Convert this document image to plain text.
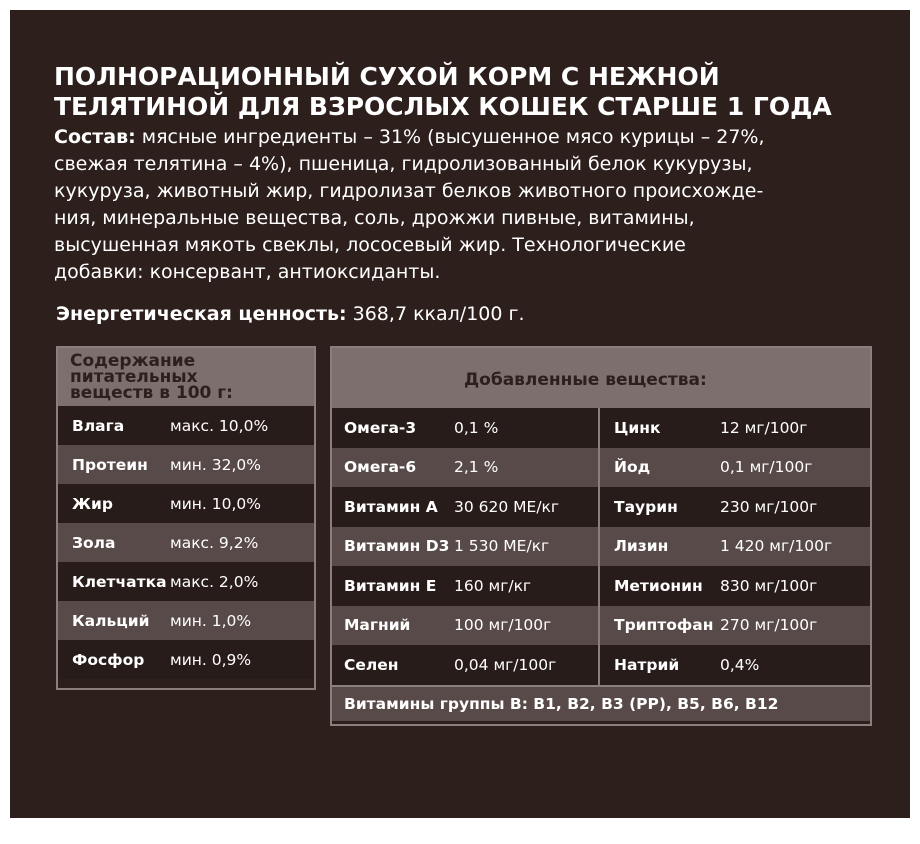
ПОЛНОРАЦИОННЫЙ СУХОЙ КОРМ С НЕЖНОЙ
ТЕЛЯТИНОЙ ДЛЯ ВЗРОСЛЫХ КОШЕК СТАРШЕ 1 ГОДА
Состав: мясные ингредиенты – 31% (высушенное мясо курицы – 27%,
свежая телятина – 4%), пшеница, гидролизованный белок кукурузы,
кукуруза, животный жир, гидролизат белков животного происхожде-
ния, минеральные вещества, соль, дрожжи пивные, витамины,
высушенная мякоть свеклы, лососевый жир. Технологические
добавки: консервант, антиоксиданты.
Энергетическая ценность: 368,7 ккал/100 г.
Содержание
питательных
веществ в 100 г:
Влага	макс. 10,0%
Протеин	мин. 32,0%
Жир	мин. 10,0%
Зола	макс. 9,2%
Клетчатка макс. 2,0%
Кальций	мин. 1,0%
Фосфор	мин. 0,9%
Добавленные вещества:
Омега-3	0,1 %	Цинк	12 мг/100г
Омега-6	2,1 %	Йод	0,1 мг/100г
Витамин А	30 620 МЕ/кг	Таурин	230 мг/100г
Витамин D3 1 530 МЕ/кг	Лизин	1 420 мг/100г
Витамин Е	160 мг/кг	Метионин	830 мг/100г
Магний	100 мг/100г	Триптофан 270 мг/100г
Селен	0,04 мг/100г	Натрий	0,4%
Витамины группы В: В1, В2, В3 (РР), В5, В6, В12
